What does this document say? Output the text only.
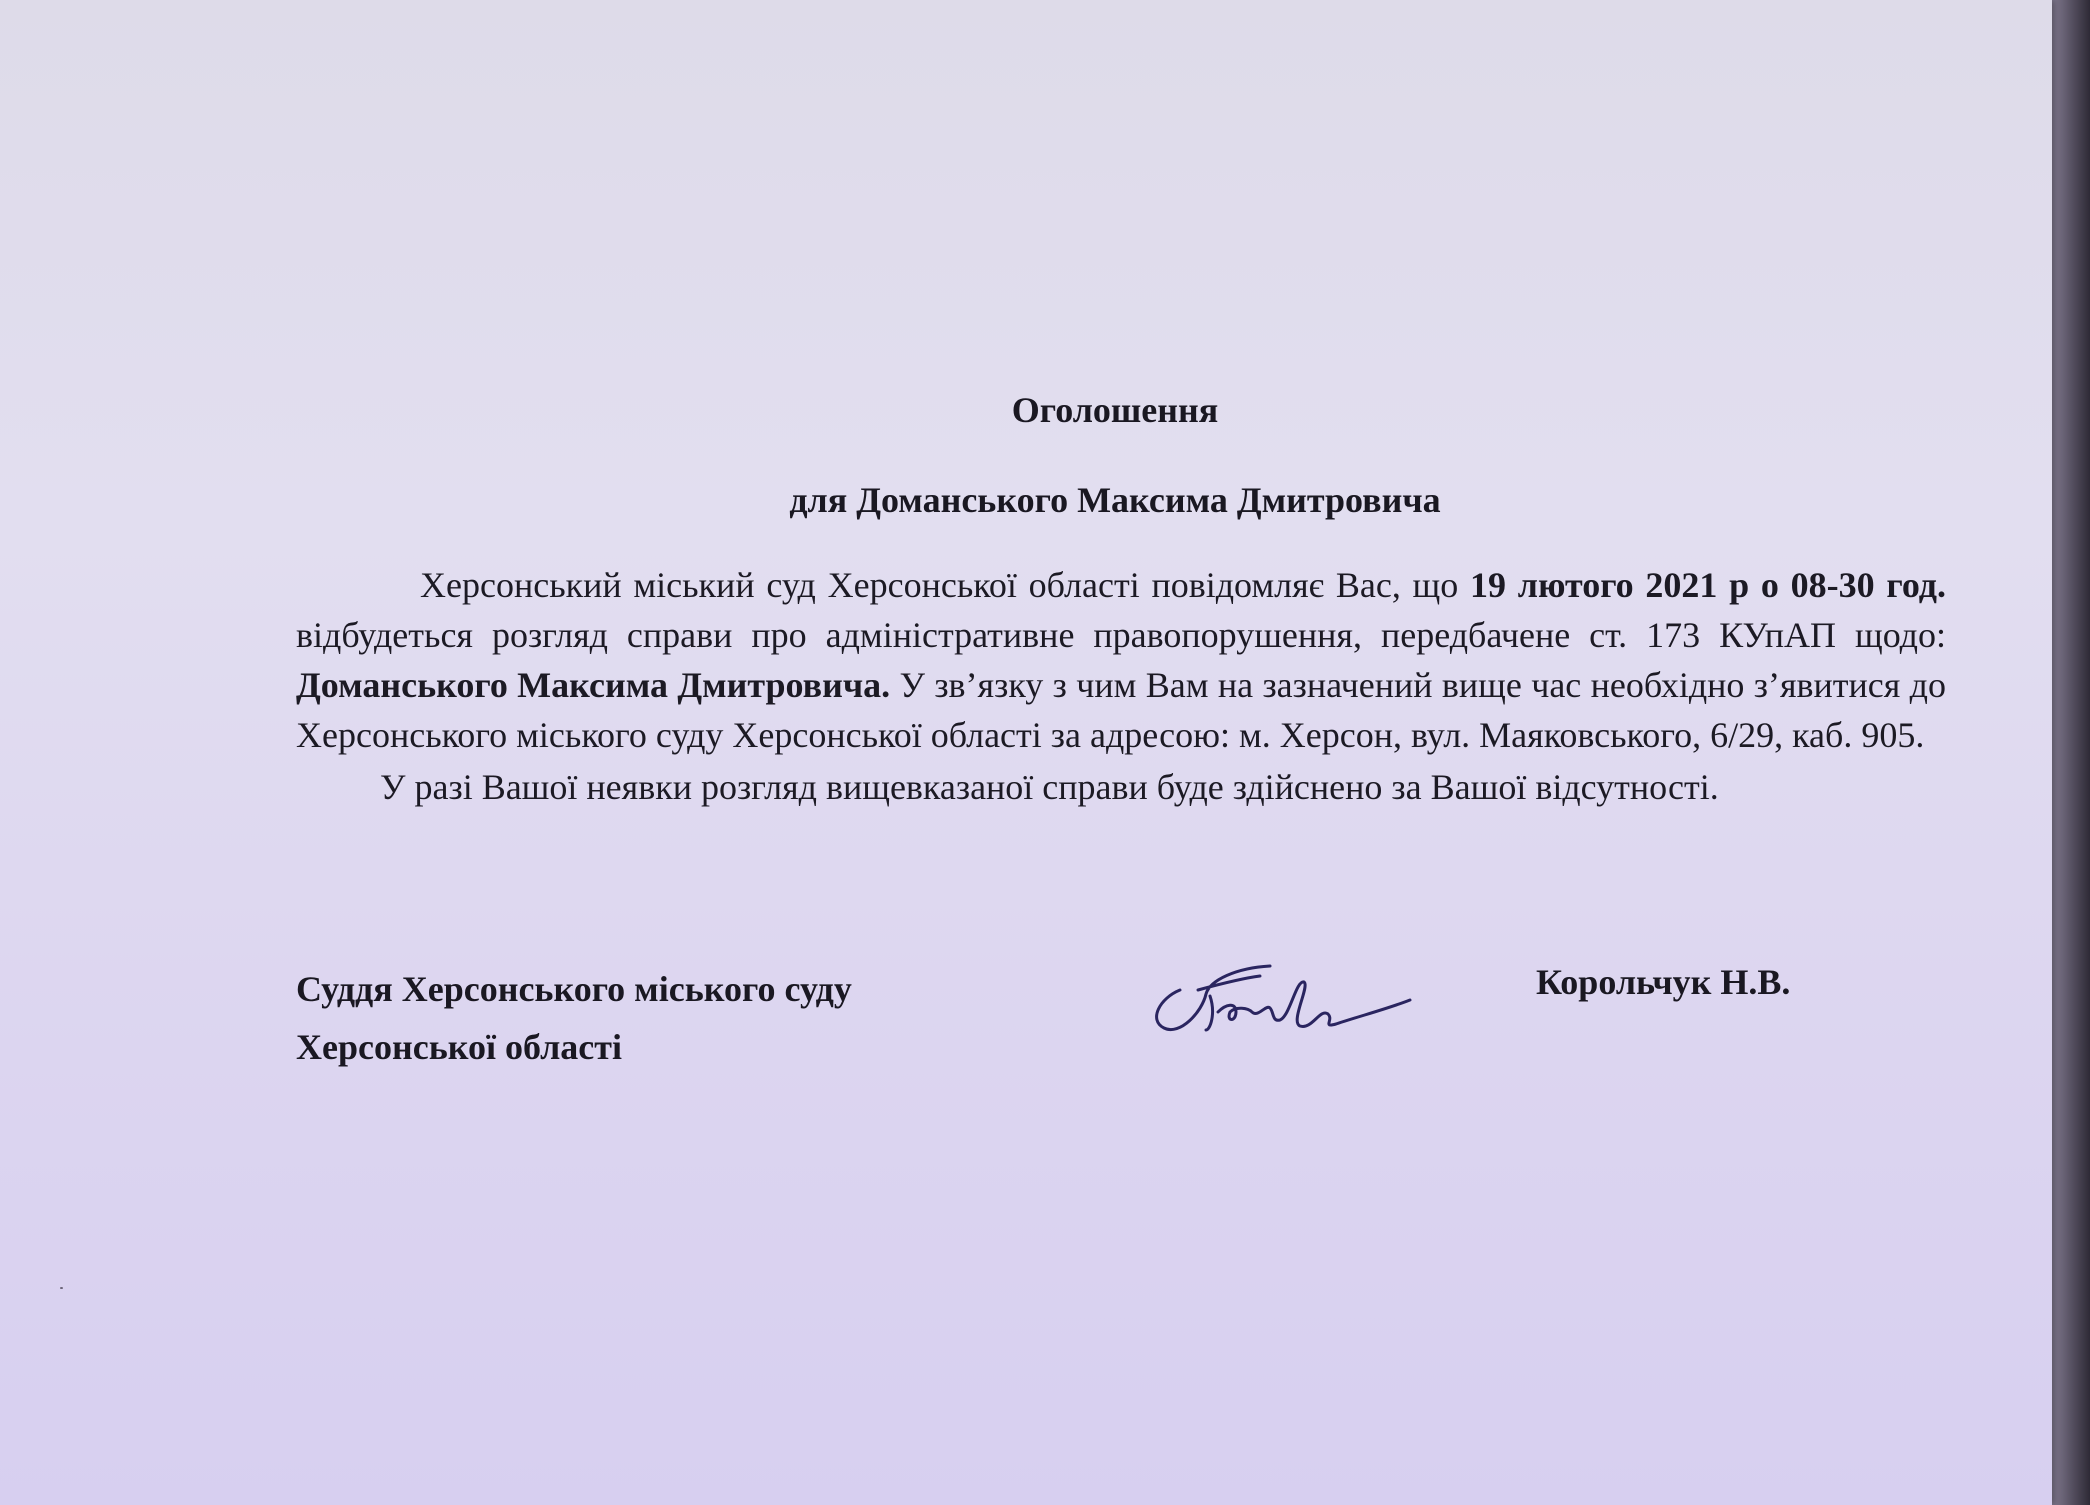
Оголошення
для Доманського Максима Дмитровича

Херсонський міський суд Херсонської області повідомляє Вас, що 19 лютого 2021 р о 08-30 год. відбудеться розгляд справи про адміністративне правопорушення, передбачене ст. 173 КУпАП щодо: Доманського Максима Дмитровича. У зв’язку з чим Вам на зазначений вище час необхідно з’явитися до Херсонського міського суду Херсонської області за адресою: м. Херсон, вул. Маяковського, 6/29, каб. 905.

У разі Вашої неявки розгляд вищевказаної справи буде здійснено за Вашої відсутності.

Суддя Херсонського міського суду
Херсонської області
Корольчук Н.В.
